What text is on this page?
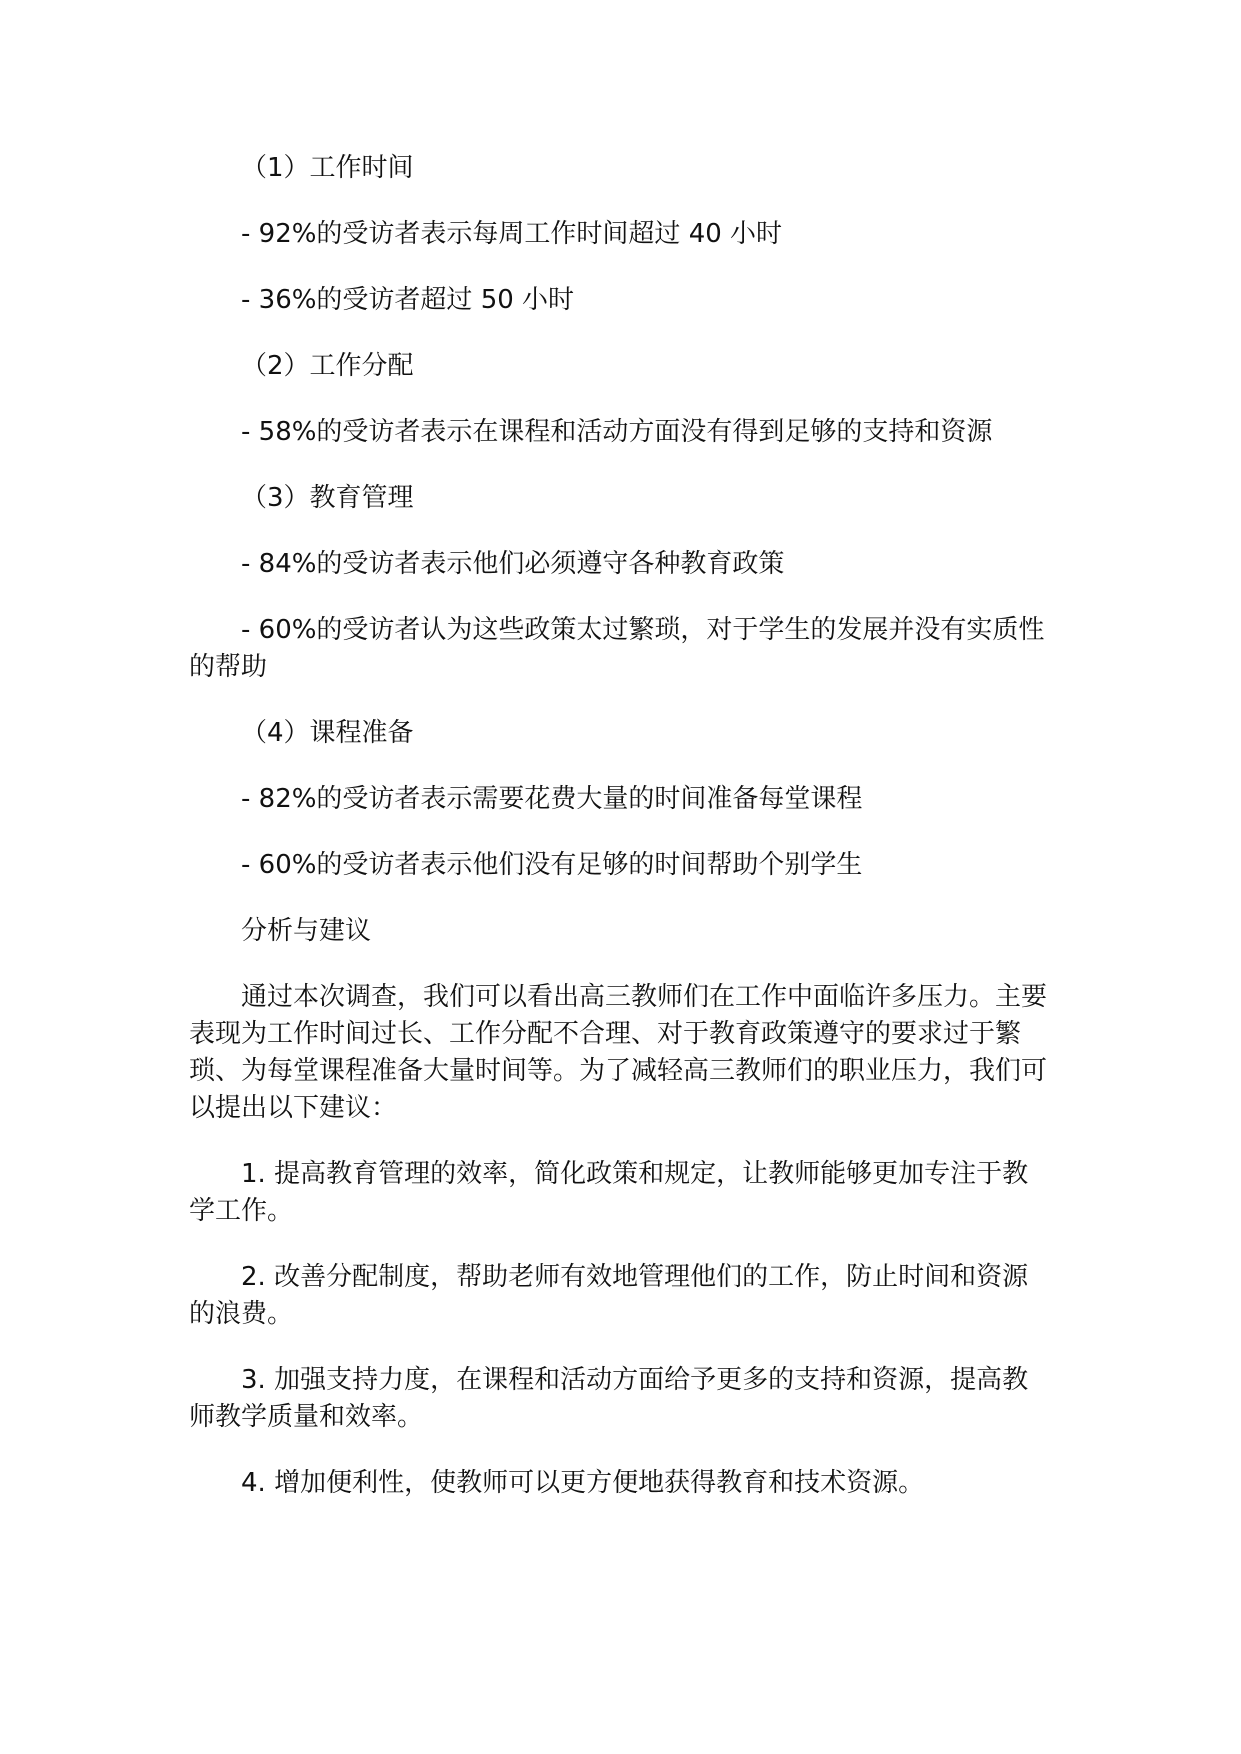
（1）工作时间

- 92%的受访者表示每周工作时间超过 40 小时

- 36%的受访者超过 50 小时

（2）工作分配

- 58%的受访者表示在课程和活动方面没有得到足够的支持和资源

（3）教育管理

- 84%的受访者表示他们必须遵守各种教育政策

- 60%的受访者认为这些政策太过繁琐，对于学生的发展并没有实质性的帮助

（4）课程准备

- 82%的受访者表示需要花费大量的时间准备每堂课程

- 60%的受访者表示他们没有足够的时间帮助个别学生

分析与建议

通过本次调查，我们可以看出高三教师们在工作中面临许多压力。主要表现为工作时间过长、工作分配不合理、对于教育政策遵守的要求过于繁琐、为每堂课程准备大量时间等。为了减轻高三教师们的职业压力，我们可以提出以下建议：

1. 提高教育管理的效率，简化政策和规定，让教师能够更加专注于教学工作。

2. 改善分配制度，帮助老师有效地管理他们的工作，防止时间和资源的浪费。

3. 加强支持力度，在课程和活动方面给予更多的支持和资源，提高教师教学质量和效率。

4. 增加便利性，使教师可以更方便地获得教育和技术资源。
